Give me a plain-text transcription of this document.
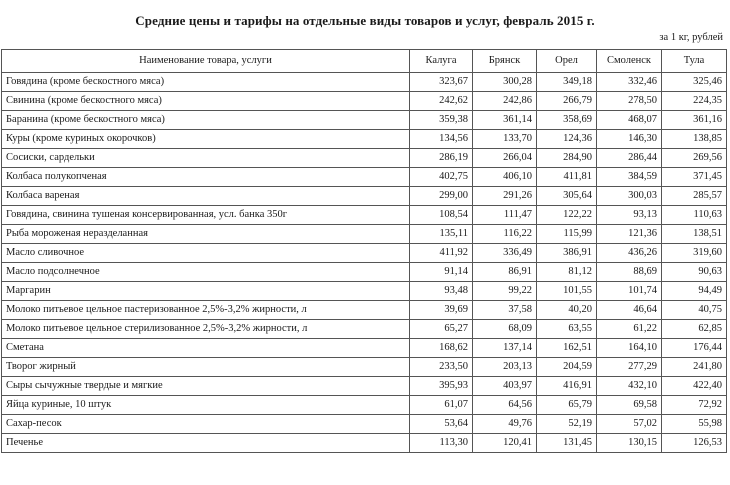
Средние цены и тарифы на отдельные виды товаров и услуг, февраль 2015 г.
за 1 кг, рублей
Наименование товара, услуги	Калуга	Брянск	Орел	Смоленск	Тула
Говядина (кроме бескостного мяса)	323,67	300,28	349,18	332,46	325,46
Свинина (кроме бескостного мяса)	242,62	242,86	266,79	278,50	224,35
Баранина (кроме бескостного мяса)	359,38	361,14	358,69	468,07	361,16
Куры (кроме куриных окорочков)	134,56	133,70	124,36	146,30	138,85
Сосиски, сардельки	286,19	266,04	284,90	286,44	269,56
Колбаса полукопченая	402,75	406,10	411,81	384,59	371,45
Колбаса вареная	299,00	291,26	305,64	300,03	285,57
Говядина, свинина тушеная консервированная, усл. банка 350г	108,54	111,47	122,22	93,13	110,63
Рыба мороженая неразделанная	135,11	116,22	115,99	121,36	138,51
Масло сливочное	411,92	336,49	386,91	436,26	319,60
Масло подсолнечное	91,14	86,91	81,12	88,69	90,63
Маргарин	93,48	99,22	101,55	101,74	94,49
Молоко питьевое цельное пастеризованное 2,5%-3,2% жирности, л	39,69	37,58	40,20	46,64	40,75
Молоко питьевое цельное стерилизованное 2,5%-3,2% жирности, л	65,27	68,09	63,55	61,22	62,85
Сметана	168,62	137,14	162,51	164,10	176,44
Творог жирный	233,50	203,13	204,59	277,29	241,80
Сыры сычужные твердые и мягкие	395,93	403,97	416,91	432,10	422,40
Яйца куриные, 10 штук	61,07	64,56	65,79	69,58	72,92
Сахар-песок	53,64	49,76	52,19	57,02	55,98
Печенье	113,30	120,41	131,45	130,15	126,53
